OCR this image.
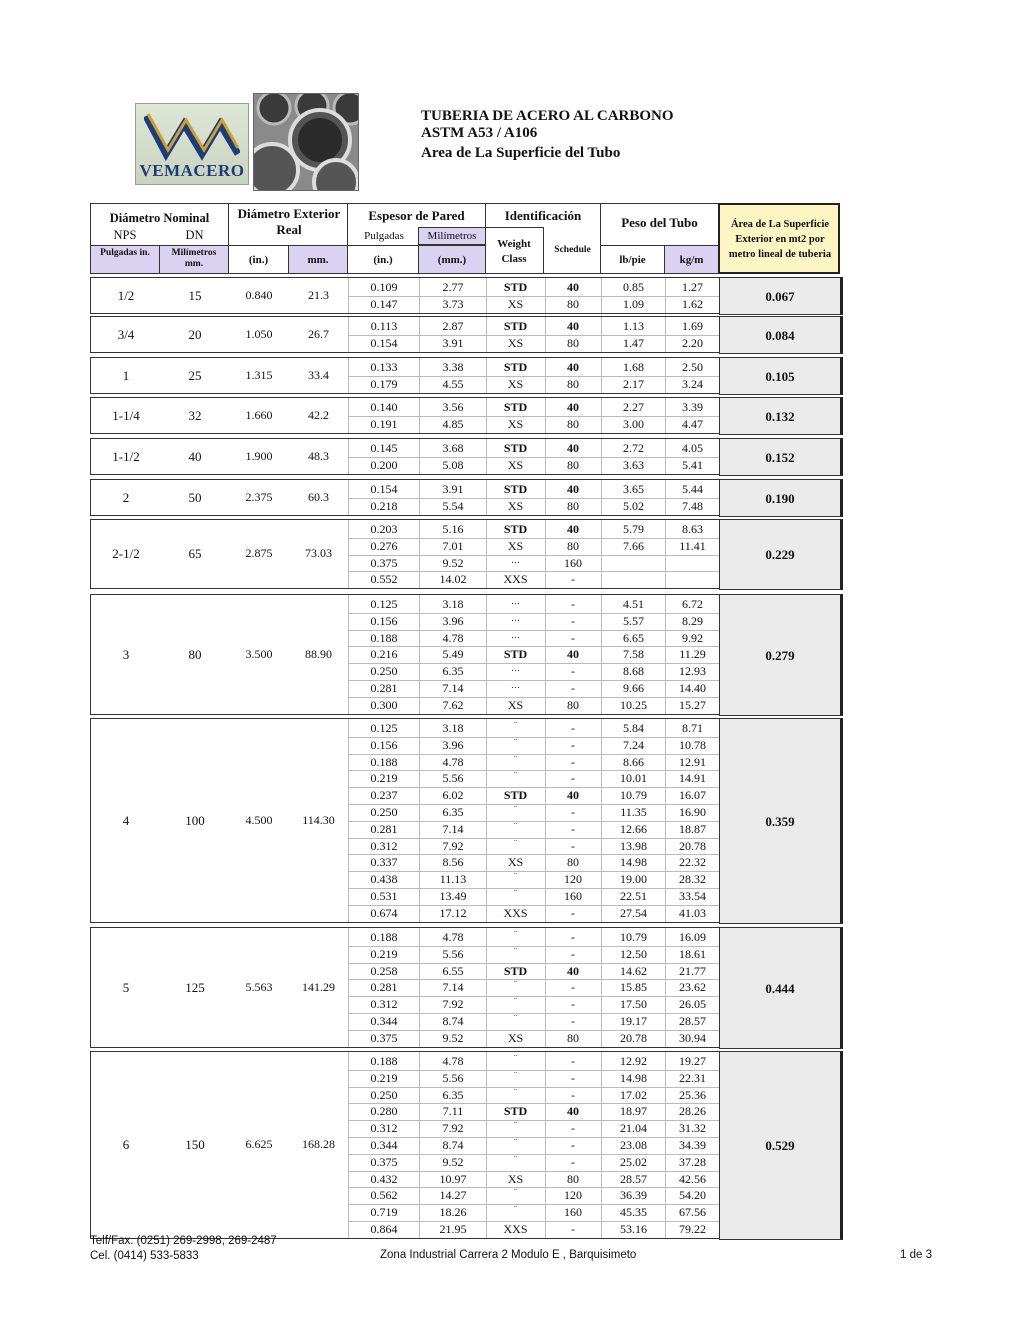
VEMACERO
TUBERIA DE ACERO AL CARBONO
ASTM A53 / A106
Area de La Superficie del Tubo
Diámetro Nominal
NPS	DN
Pulgadas in.	Milímetros mm.
Diámetro Exterior Real
(in.)	mm.
Espesor de Pared
Pulgadas	Milímetros
(in.)	(mm.)
Identificación
Weight Class
Schedule
Peso del Tubo
lb/pie	kg/m
Área de La Superficie Exterior en mt2 por metro lineal de tuberia
1/2	15	0.840	21.3
0.109	2.77	STD	40	0.85	1.27
0.147	3.73	XS	80	1.09	1.62
0.067
3/4	20	1.050	26.7
0.113	2.87	STD	40	1.13	1.69
0.154	3.91	XS	80	1.47	2.20
0.084
1	25	1.315	33.4
0.133	3.38	STD	40	1.68	2.50
0.179	4.55	XS	80	2.17	3.24
0.105
1-1/4	32	1.660	42.2
0.140	3.56	STD	40	2.27	3.39
0.191	4.85	XS	80	3.00	4.47
0.132
1-1/2	40	1.900	48.3
0.145	3.68	STD	40	2.72	4.05
0.200	5.08	XS	80	3.63	5.41
0.152
2	50	2.375	60.3
0.154	3.91	STD	40	3.65	5.44
0.218	5.54	XS	80	5.02	7.48
0.190
2-1/2	65	2.875	73.03
0.203	5.16	STD	40	5.79	8.63
0.276	7.01	XS	80	7.66	11.41
0.375	9.52	…	160
0.552	14.02	XXS	-
0.229
3	80	3.500	88.90
0.125	3.18	…	-	4.51	6.72
0.156	3.96	…	-	5.57	8.29
0.188	4.78	…	-	6.65	9.92
0.216	5.49	STD	40	7.58	11.29
0.250	6.35	…	-	8.68	12.93
0.281	7.14	…	-	9.66	14.40
0.300	7.62	XS	80	10.25	15.27
0.279
4	100	4.500	114.30
0.125	3.18	¨	-	5.84	8.71
0.156	3.96	¨	-	7.24	10.78
0.188	4.78	¨	-	8.66	12.91
0.219	5.56	¨	-	10.01	14.91
0.237	6.02	STD	40	10.79	16.07
0.250	6.35	¨	-	11.35	16.90
0.281	7.14	¨	-	12.66	18.87
0.312	7.92	¨	-	13.98	20.78
0.337	8.56	XS	80	14.98	22.32
0.438	11.13	¨	120	19.00	28.32
0.531	13.49	¨	160	22.51	33.54
0.674	17.12	XXS	-	27.54	41.03
0.359
5	125	5.563	141.29
0.188	4.78	¨	-	10.79	16.09
0.219	5.56	¨	-	12.50	18.61
0.258	6.55	STD	40	14.62	21.77
0.281	7.14	¨	-	15.85	23.62
0.312	7.92	¨	-	17.50	26.05
0.344	8.74	¨	-	19.17	28.57
0.375	9.52	XS	80	20.78	30.94
0.444
6	150	6.625	168.28
0.188	4.78	¨	-	12.92	19.27
0.219	5.56	¨	-	14.98	22.31
0.250	6.35	¨	-	17.02	25.36
0.280	7.11	STD	40	18.97	28.26
0.312	7.92	¨	-	21.04	31.32
0.344	8.74	¨	-	23.08	34.39
0.375	9.52	¨	-	25.02	37.28
0.432	10.97	XS	80	28.57	42.56
0.562	14.27	¨	120	36.39	54.20
0.719	18.26	¨	160	45.35	67.56
0.864	21.95	XXS	-	53.16	79.22
0.529
Telf/Fax. (0251) 269-2998, 269-2487
Cel. (0414) 533-5833	Zona Industrial Carrera 2 Modulo E , Barquisimeto	1 de 3
